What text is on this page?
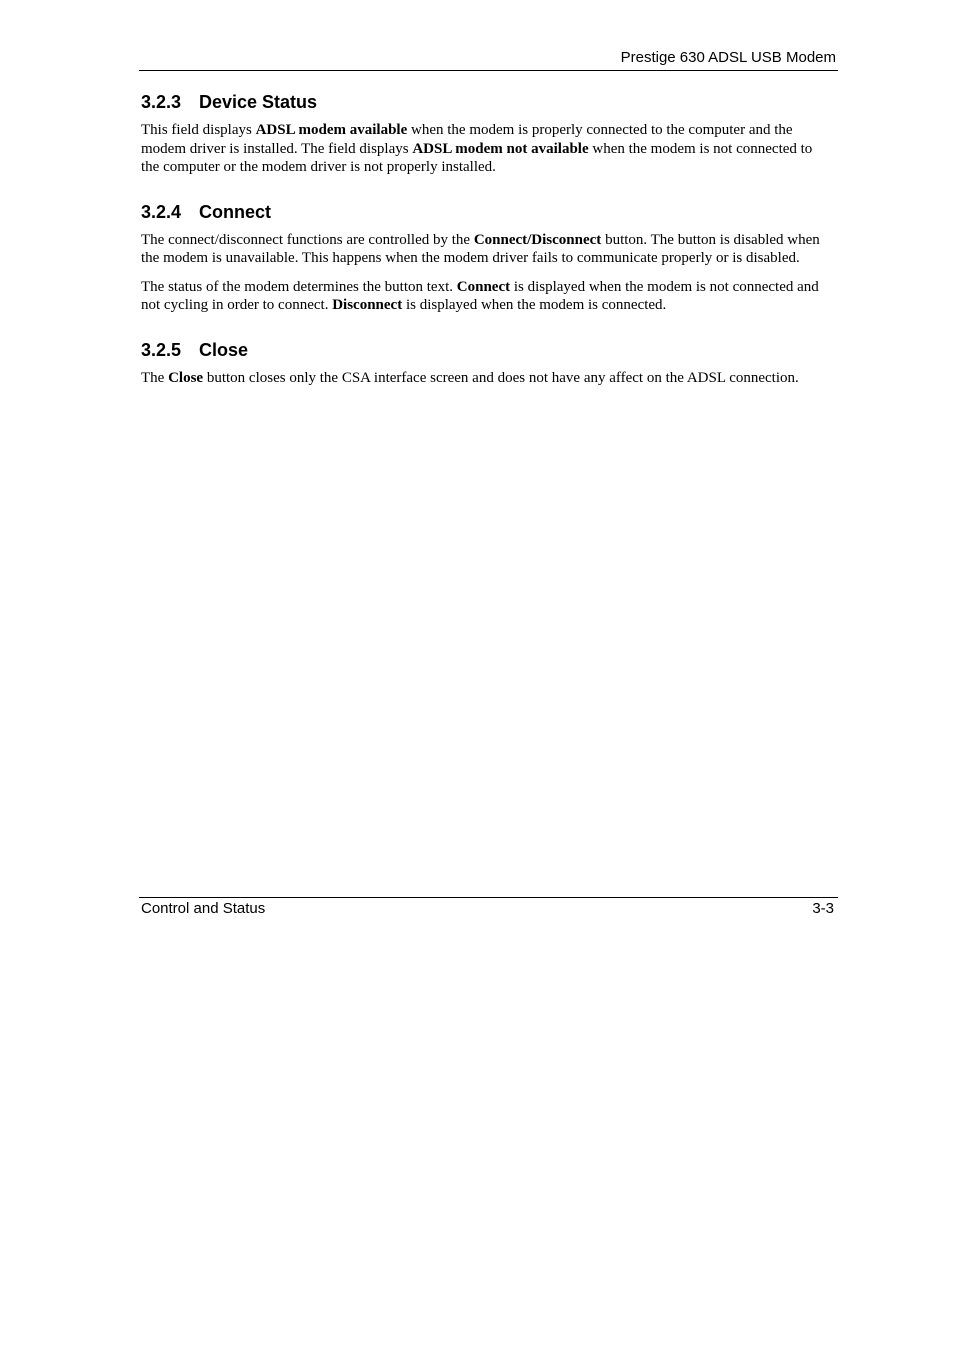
Prestige 630 ADSL USB Modem
3.2.3 Device Status

This field displays ADSL modem available when the modem is properly connected to the computer and the modem driver is installed. The field displays ADSL modem not available when the modem is not connected to the computer or the modem driver is not properly installed.

3.2.4 Connect

The connect/disconnect functions are controlled by the Connect/Disconnect button. The button is disabled when the modem is unavailable. This happens when the modem driver fails to communicate properly or is disabled.

The status of the modem determines the button text. Connect is displayed when the modem is not connected and not cycling in order to connect. Disconnect is displayed when the modem is connected.

3.2.5 Close

The Close button closes only the CSA interface screen and does not have any affect on the ADSL connection.

Control and Status	3-3
